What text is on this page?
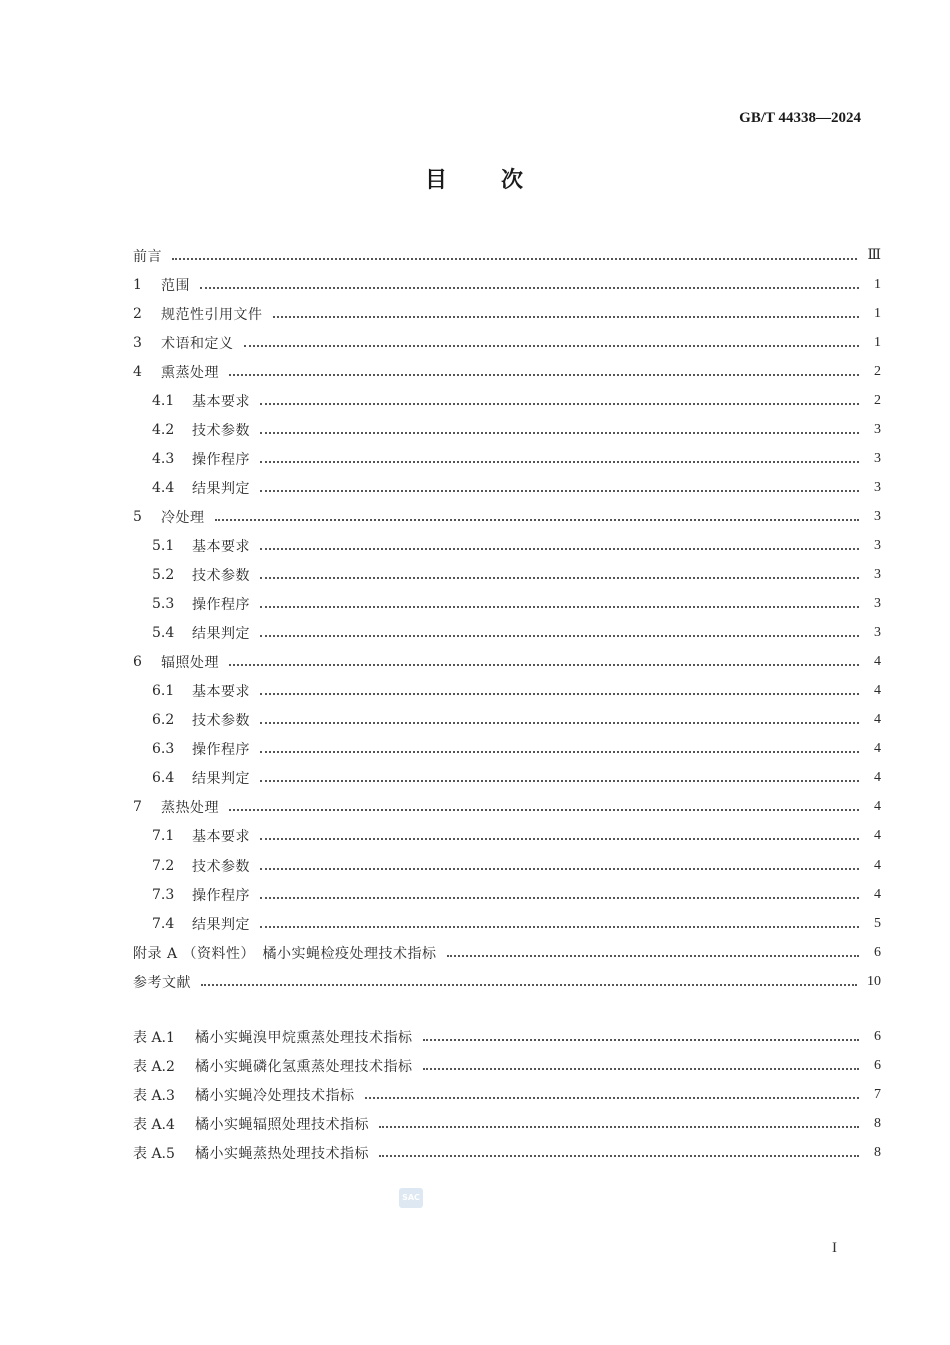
GB/T 44338—2024
目 次
前言	Ⅲ
1	范围	1
2	规范性引用文件	1
3	术语和定义	1
4	熏蒸处理	2
4.1	基本要求	2
4.2	技术参数	3
4.3	操作程序	3
4.4	结果判定	3
5	冷处理	3
5.1	基本要求	3
5.2	技术参数	3
5.3	操作程序	3
5.4	结果判定	3
6	辐照处理	4
6.1	基本要求	4
6.2	技术参数	4
6.3	操作程序	4
6.4	结果判定	4
7	蒸热处理	4
7.1	基本要求	4
7.2	技术参数	4
7.3	操作程序	4
7.4	结果判定	5
附录 A （资料性）　橘小实蝇检疫处理技术指标	6
参考文献	10
表 A.1	橘小实蝇溴甲烷熏蒸处理技术指标	6
表 A.2	橘小实蝇磷化氢熏蒸处理技术指标	6
表 A.3	橘小实蝇冷处理技术指标	7
表 A.4	橘小实蝇辐照处理技术指标	8
表 A.5	橘小实蝇蒸热处理技术指标	8
SAC
I
